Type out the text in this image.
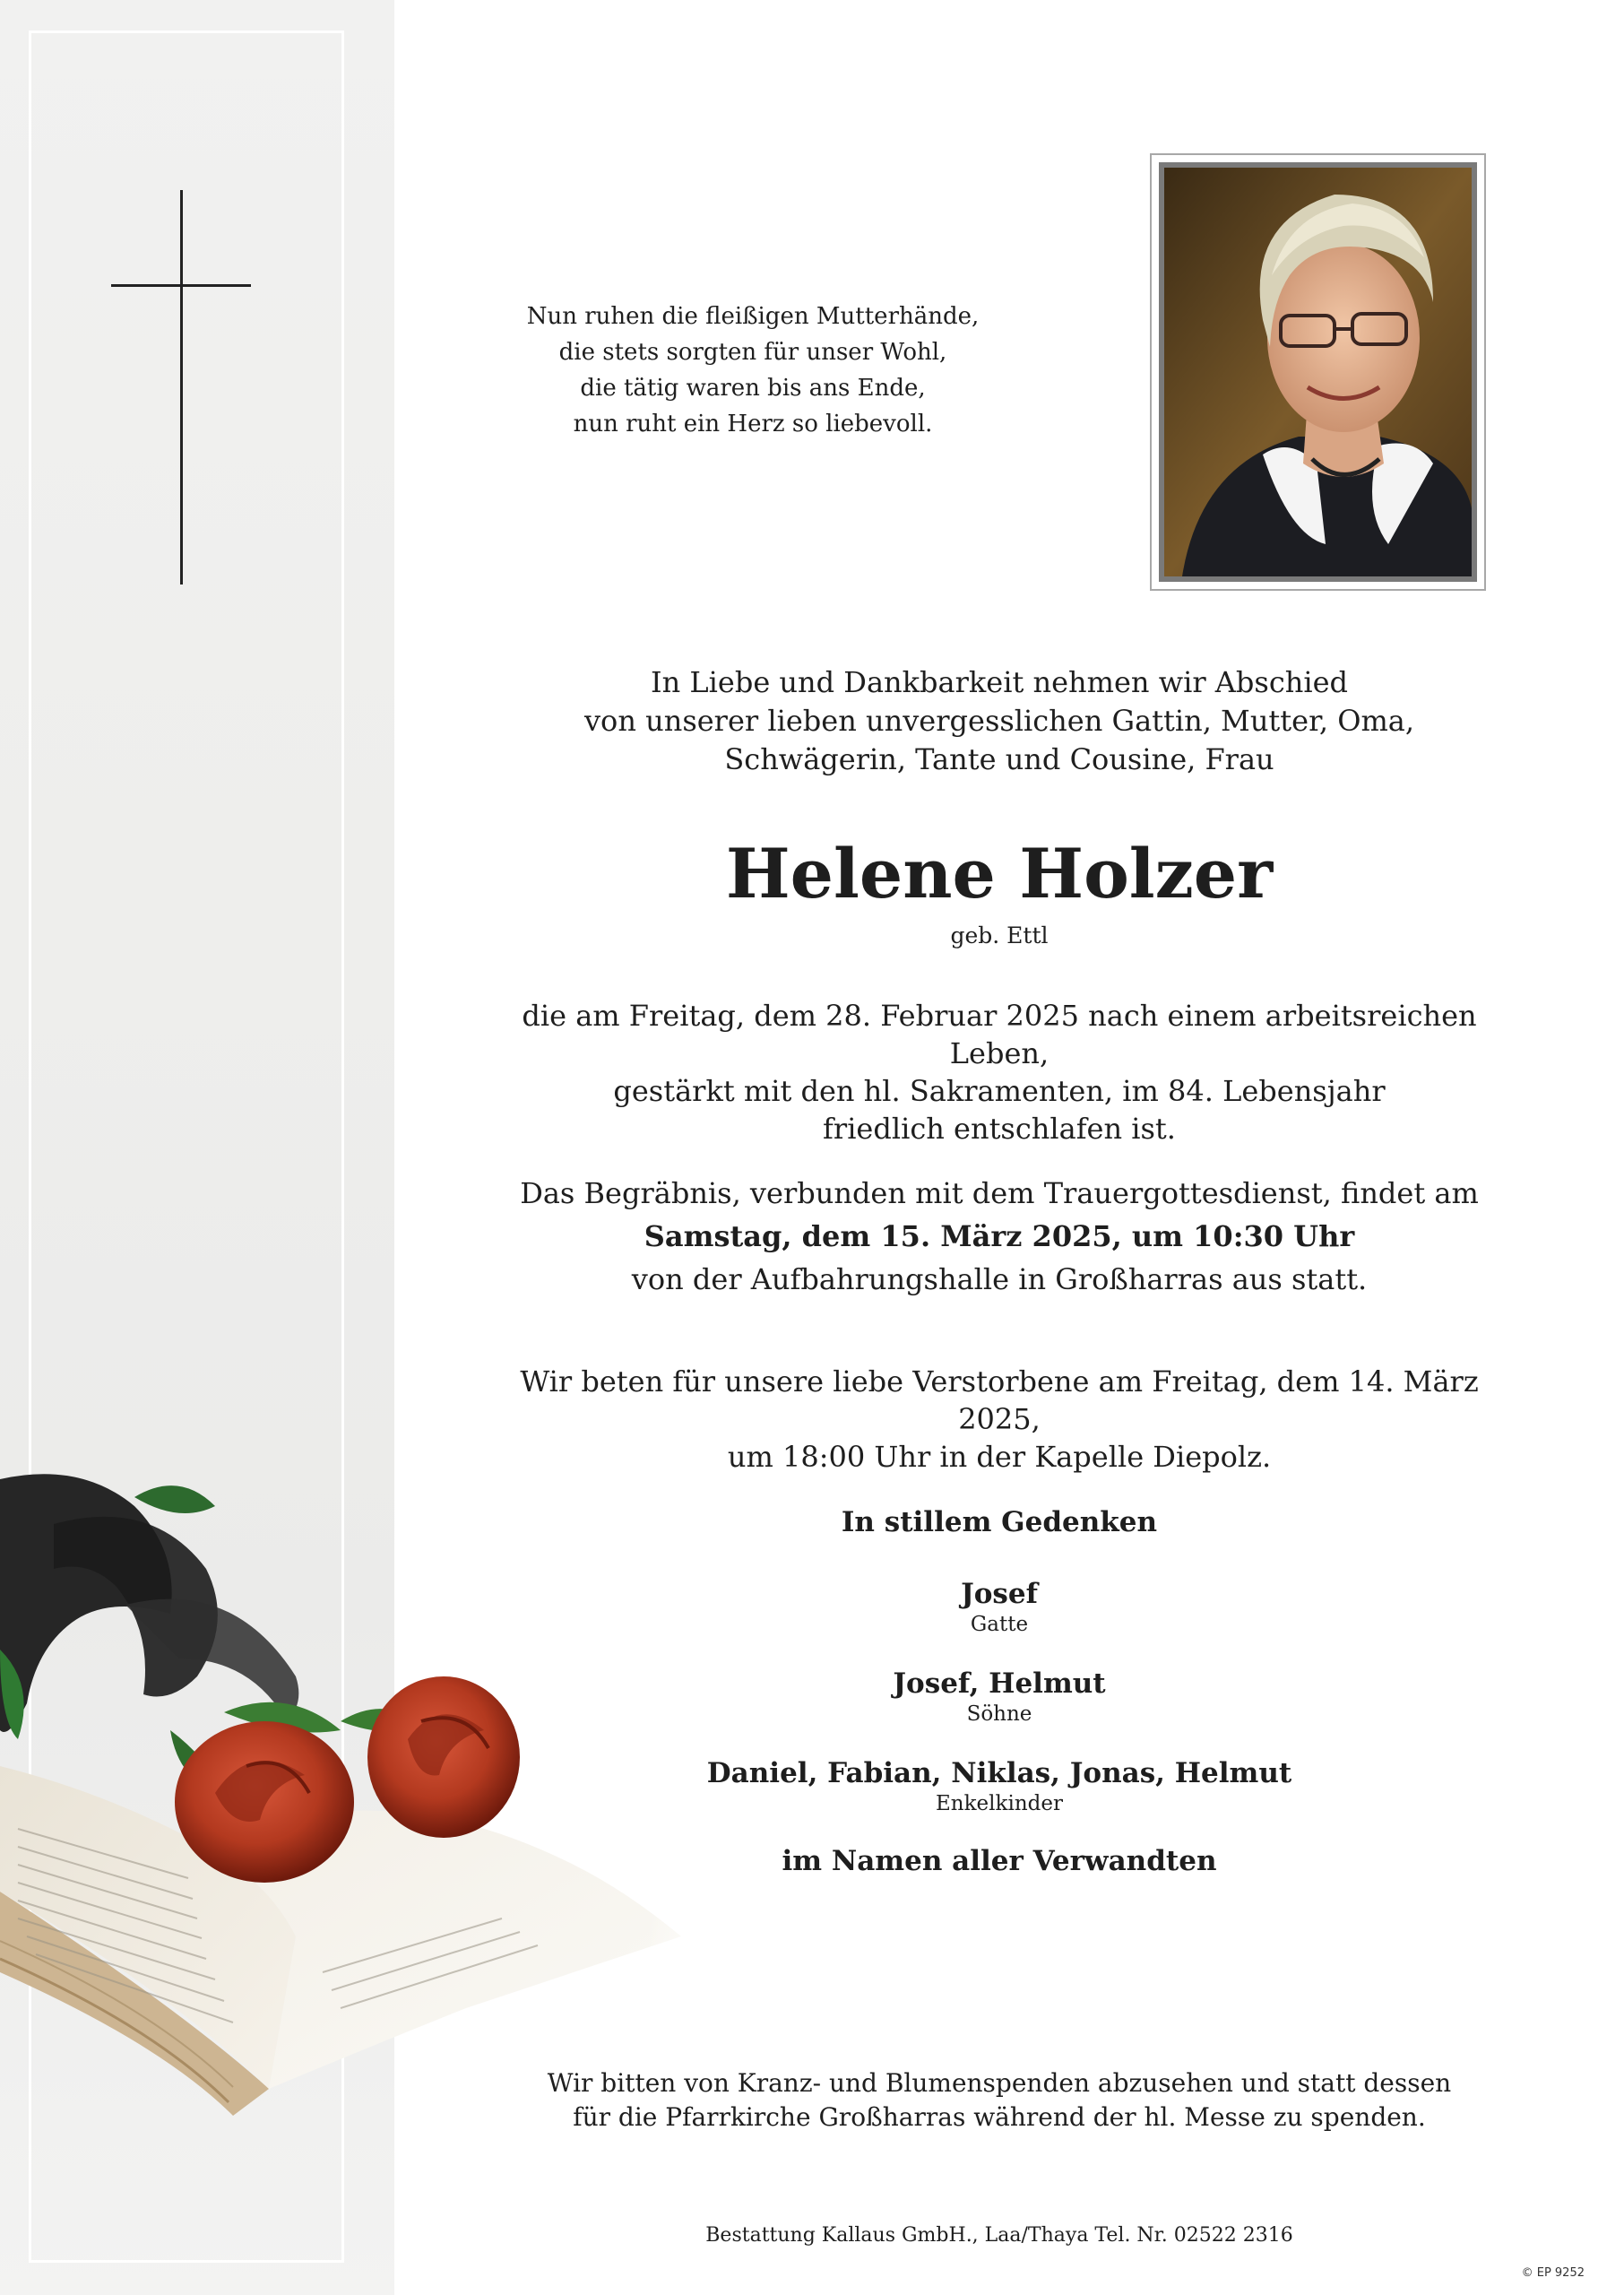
Nun ruhen die fleißigen Mutterhände,
die stets sorgten für unser Wohl,
die tätig waren bis ans Ende,
nun ruht ein Herz so liebevoll.
In Liebe und Dankbarkeit nehmen wir Abschied
von unserer lieben unvergesslichen Gattin, Mutter, Oma,
Schwägerin, Tante und Cousine, Frau
Helene Holzer
geb. Ettl
die am Freitag, dem 28. Februar 2025 nach einem arbeitsreichen Leben,
gestärkt mit den hl. Sakramenten, im 84. Lebensjahr
friedlich entschlafen ist.
Das Begräbnis, verbunden mit dem Trauergottesdienst, findet am
Samstag, dem 15. März 2025, um 10:30 Uhr
von der Aufbahrungshalle in Großharras aus statt.
Wir beten für unsere liebe Verstorbene am Freitag, dem 14. März 2025,
um 18:00 Uhr in der Kapelle Diepolz.
In stillem Gedenken
Josef
Gatte
Josef, Helmut
Söhne
Daniel, Fabian, Niklas, Jonas, Helmut
Enkelkinder
im Namen aller Verwandten
Wir bitten von Kranz- und Blumenspenden abzusehen und statt dessen
für die Pfarrkirche Großharras während der hl. Messe zu spenden.
Bestattung Kallaus GmbH., Laa/Thaya Tel. Nr. 02522 2316
© EP 9252
